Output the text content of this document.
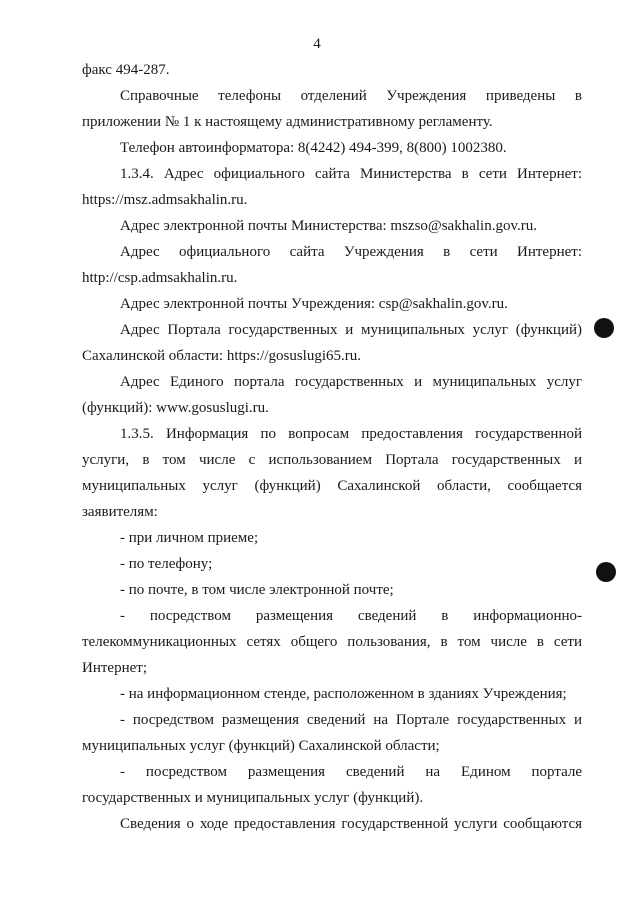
4
факс 494-287.
Справочные телефоны отделений Учреждения приведены в
приложении № 1 к настоящему административному регламенту.
Телефон автоинформатора: 8(4242) 494-399, 8(800) 1002380.
1.3.4. Адрес официального сайта Министерства в сети Интернет:
https://msz.admsakhalin.ru.
Адрес электронной почты Министерства: mszso@sakhalin.gov.ru.
Адрес официального сайта Учреждения в сети Интернет:
http://csp.admsakhalin.ru.
Адрес электронной почты Учреждения: csp@sakhalin.gov.ru.
Адрес Портала государственных и муниципальных услуг (функций)
Сахалинской области: https://gosuslugi65.ru.
Адрес Единого портала государственных и муниципальных услуг
(функций): www.gosuslugi.ru.
1.3.5. Информация по вопросам предоставления государственной
услуги, в том числе с использованием Портала государственных и
муниципальных услуг (функций) Сахалинской области, сообщается
заявителям:
- при личном приеме;
- по телефону;
- по почте, в том числе электронной почте;
- посредством размещения сведений в информационно-
телекоммуникационных сетях общего пользования, в том числе в сети
Интернет;
- на информационном стенде, расположенном в зданиях Учреждения;
- посредством размещения сведений на Портале государственных и
муниципальных услуг (функций) Сахалинской области;
- посредством размещения сведений на Едином портале
государственных и муниципальных услуг (функций).
Сведения о ходе предоставления государственной услуги сообщаются
